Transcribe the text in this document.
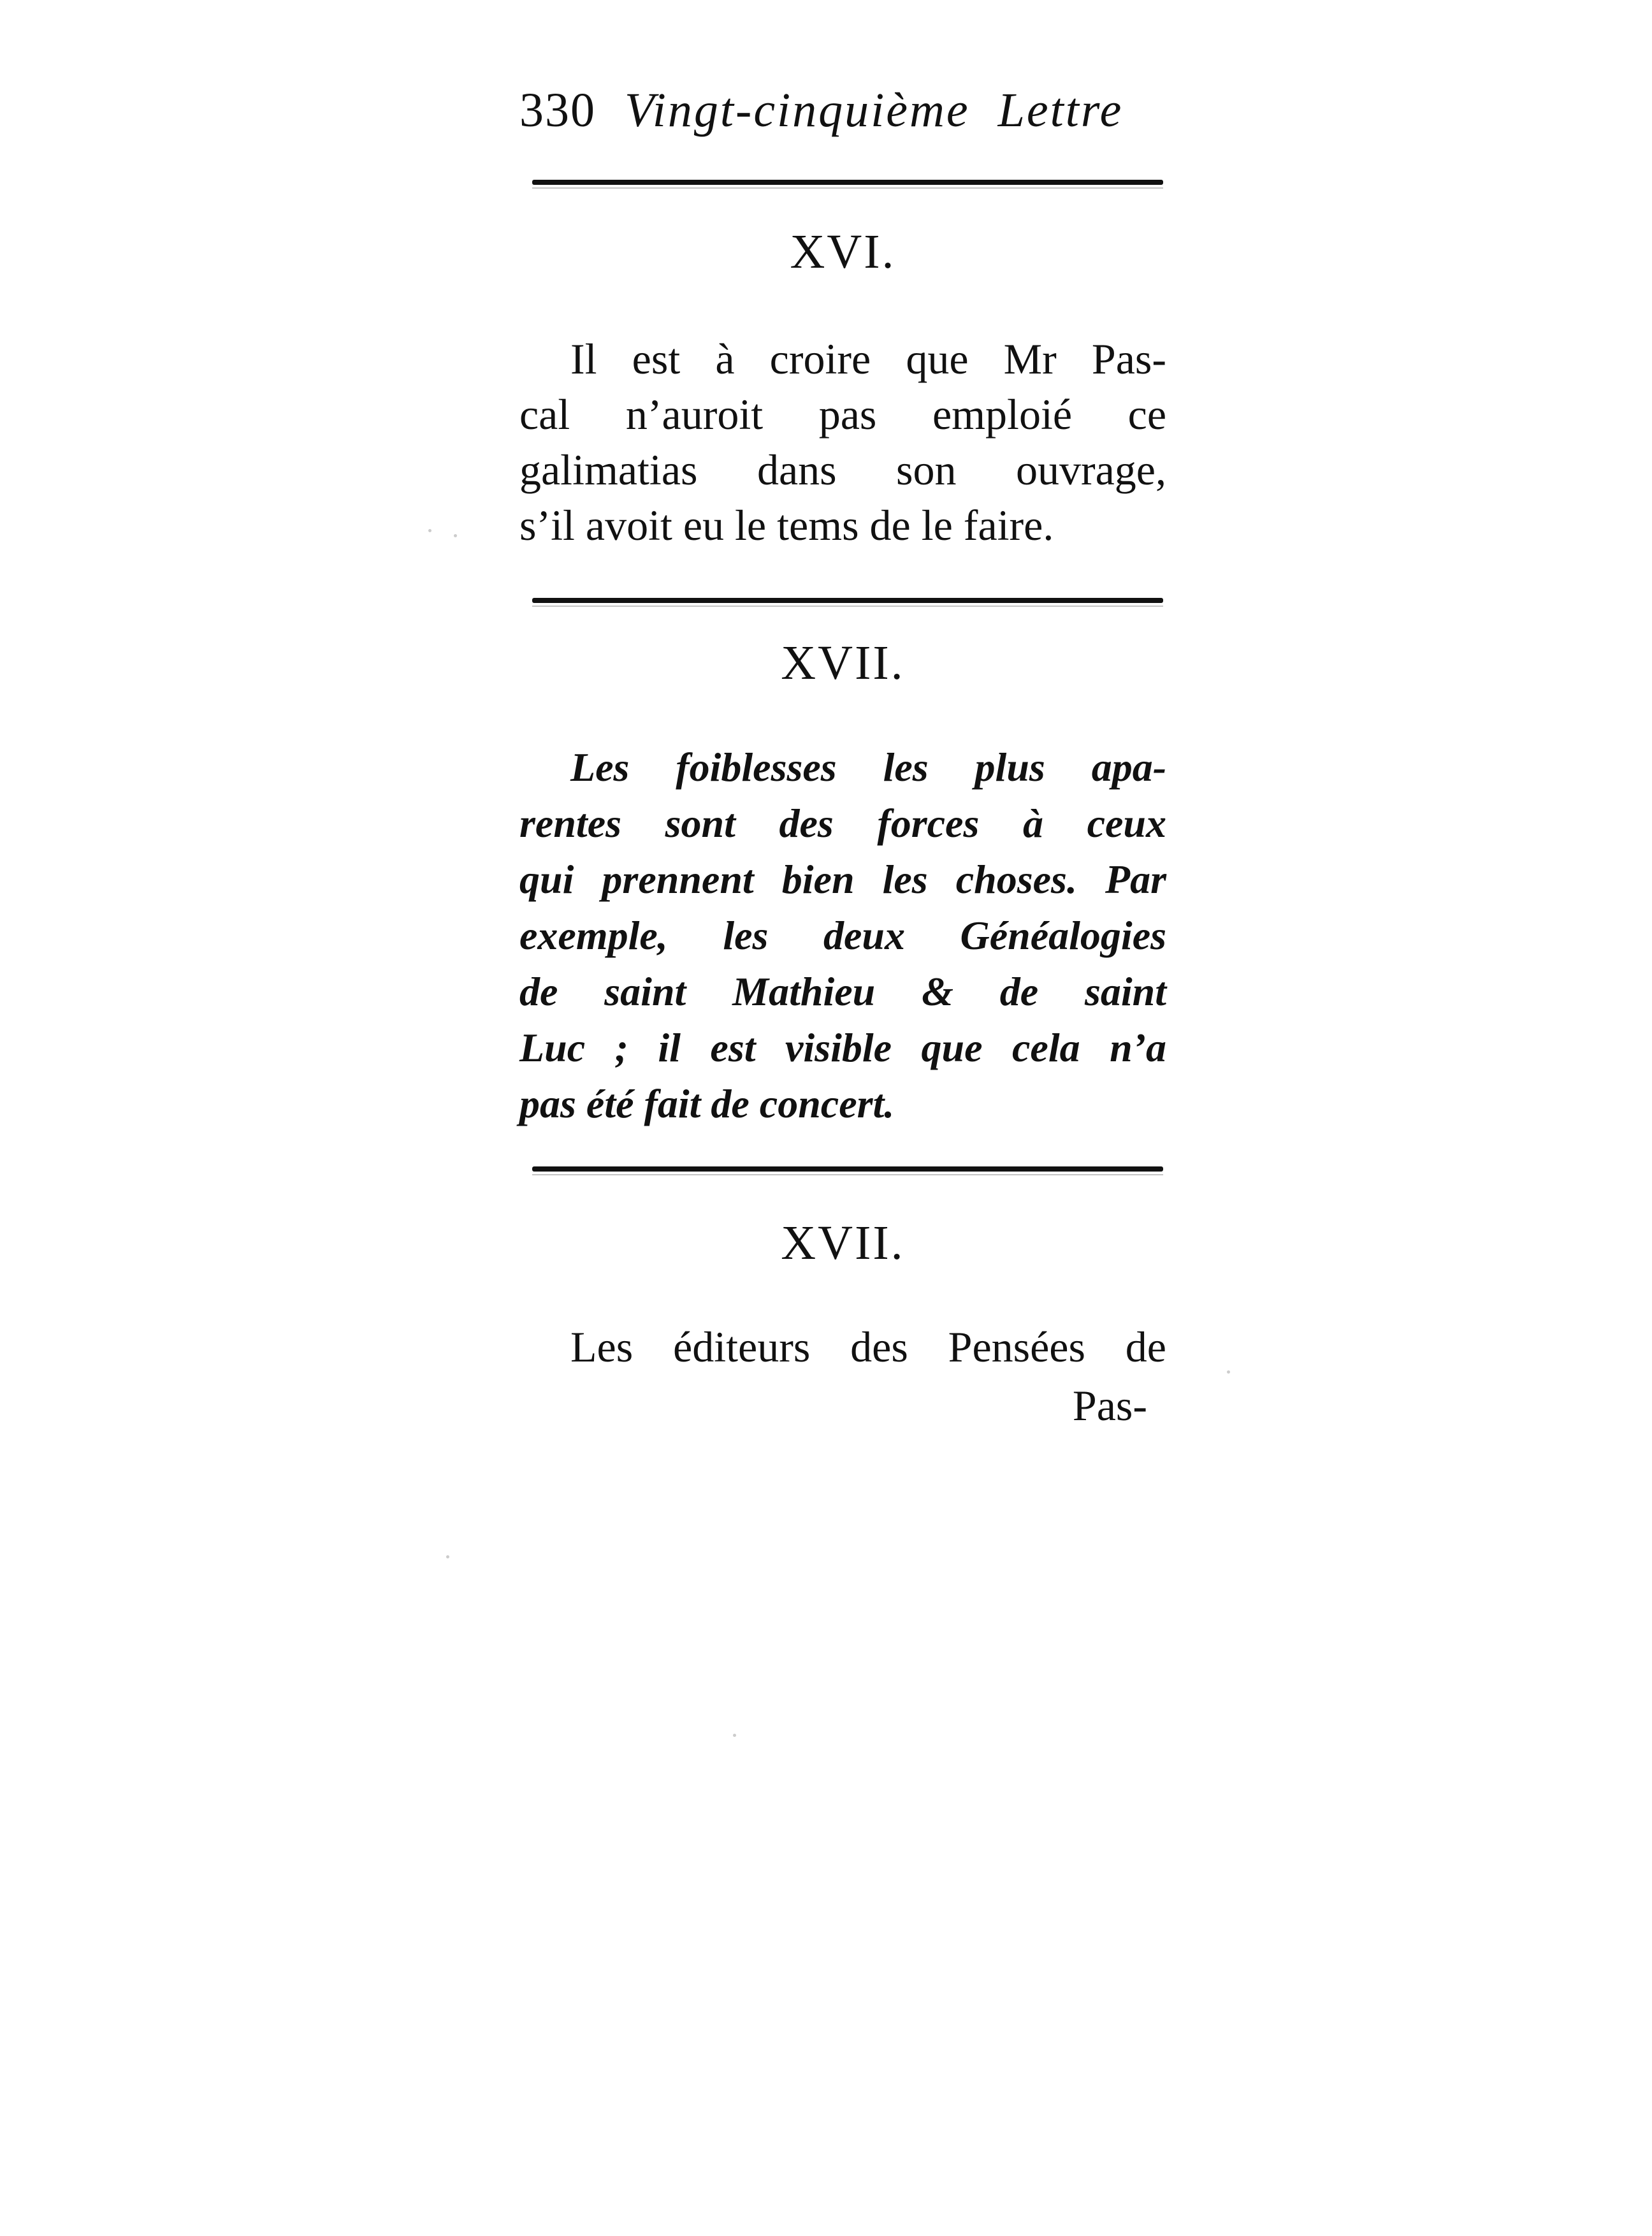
330 Vingt-cinquième Lettre
XVI.

Il est à croire que Mr Pas-
cal n’auroit pas emploié ce
galimatias dans son ouvrage,
s’il avoit eu le tems de le faire.

XVII.

Les foiblesses les plus apa-
rentes sont des forces à ceux
qui prennent bien les choses. Par
exemple, les deux Généalogies
de saint Mathieu & de saint
Luc ; il est visible que cela n’a
pas été fait de concert.

XVII.

Les éditeurs des Pensées de

Pas-
